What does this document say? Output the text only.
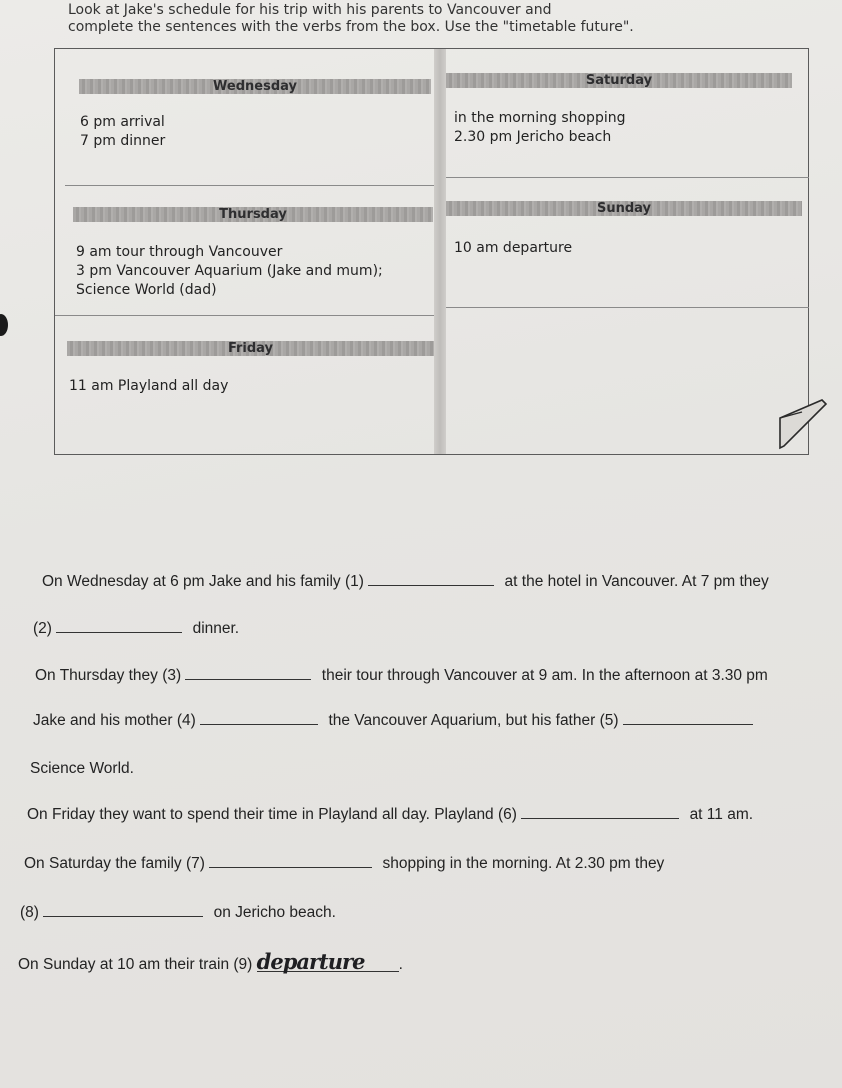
Look at Jake's schedule for his trip with his parents to Vancouver and
complete the sentences with the verbs from the box. Use the "timetable future".
Wednesday
6 pm arrival
7 pm dinner
Thursday
9 am tour through Vancouver
3 pm Vancouver Aquarium (Jake and mum);
Science World (dad)
Friday
11 am Playland all day
Saturday
in the morning shopping
2.30 pm Jericho beach
Sunday
10 am departure
On Wednesday at 6 pm Jake and his family (1)	at the hotel in Vancouver. At 7 pm they
(2)	dinner.
On Thursday they (3)	their tour through Vancouver at 9 am. In the afternoon at 3.30 pm
Jake and his mother (4)	the Vancouver Aquarium, but his father (5)
Science World.
On Friday they want to spend their time in Playland all day. Playland (6)	at 11 am.
On Saturday the family (7)	shopping in the morning. At 2.30 pm they
(8)	on Jericho beach.
On Sunday at 10 am their train (9) departure .
